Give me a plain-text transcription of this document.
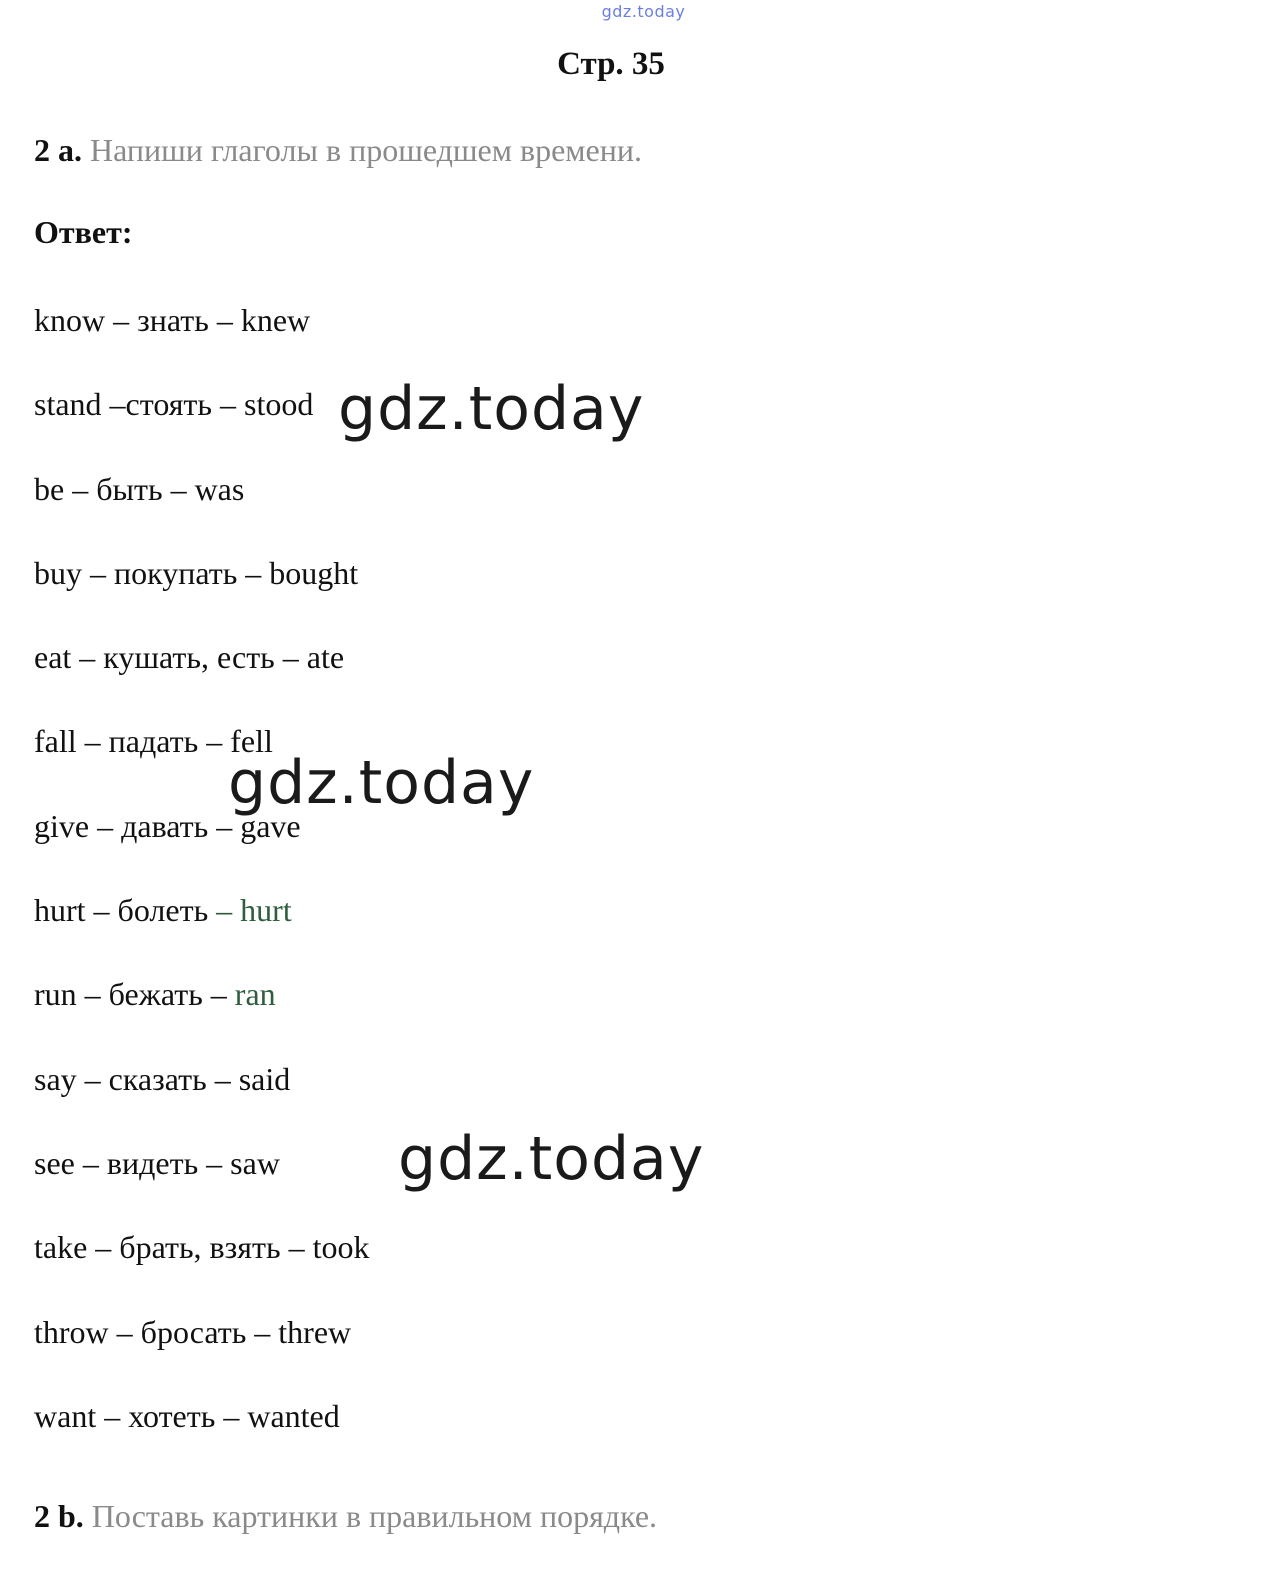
gdz.today
Стр. 35
2 a. Напиши глаголы в прошедшем времени.
Ответ:
know – знать – knew
stand –стоять – stood
be – быть – was
buy – покупать – bought
eat – кушать, есть – ate
fall – падать – fell
give – давать – gave
hurt – болеть – hurt
run – бежать – ran
say – сказать – said
see – видеть – saw
take – брать, взять – took
throw – бросать – threw
want – хотеть – wanted
gdz.today
gdz.today
gdz.today
2 b. Поставь картинки в правильном порядке.
